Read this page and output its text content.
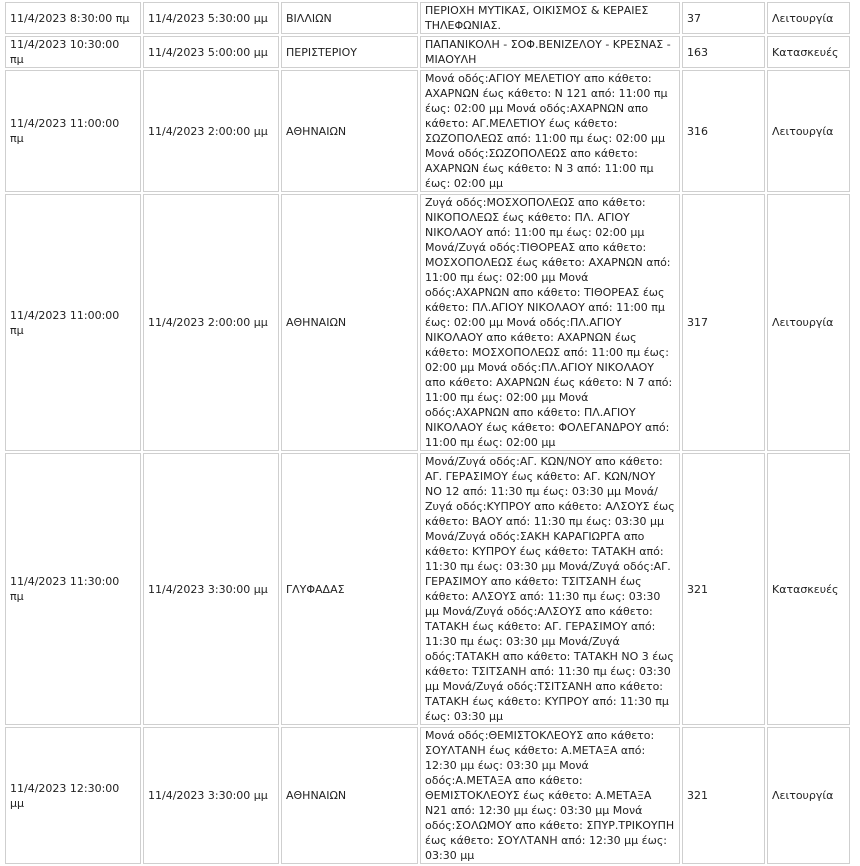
11/4/2023 8:30:00 πμ	11/4/2023 5:30:00 μμ	ΒΙΛΛΙΩΝ	ΠΕΡΙΟΧΗ ΜΥΤΙΚΑΣ, ΟΙΚΙΣΜΟΣ & ΚΕΡΑΙΕΣ ΤΗΛΕΦΩΝΙΑΣ.	37	Λειτουργία

11/4/2023 10:30:00 πμ	11/4/2023 5:00:00 μμ	ΠΕΡΙΣΤΕΡΙΟΥ	ΠΑΠΑΝΙΚΟΛΗ - ΣΟΦ.ΒΕΝΙΖΕΛΟΥ - ΚΡΕΣΝΑΣ - ΜΙΑΟΥΛΗ	163	Κατασκευές

11/4/2023 11:00:00 πμ	11/4/2023 2:00:00 μμ	ΑΘΗΝΑΙΩΝ	Μονά οδός:ΑΓΙΟΥ ΜΕΛΕΤΙΟΥ απο κάθετο: ΑΧΑΡΝΩΝ έως κάθετο: Ν 121 από: 11:00 πμ έως: 02:00 μμ Μονά οδός:ΑΧΑΡΝΩΝ απο κάθετο: ΑΓ.ΜΕΛΕΤΙΟΥ έως κάθετο: ΣΩΖΟΠΟΛΕΩΣ από: 11:00 πμ έως: 02:00 μμ Μονά οδός:ΣΩΖΟΠΟΛΕΩΣ απο κάθετο: ΑΧΑΡΝΩΝ έως κάθετο: Ν 3 από: 11:00 πμ έως: 02:00 μμ	316	Λειτουργία

11/4/2023 11:00:00 πμ	11/4/2023 2:00:00 μμ	ΑΘΗΝΑΙΩΝ	Ζυγά οδός:ΜΟΣΧΟΠΟΛΕΩΣ απο κάθετο: ΝΙΚΟΠΟΛΕΩΣ έως κάθετο: ΠΛ. ΑΓΙΟΥ ΝΙΚΟΛΑΟΥ από: 11:00 πμ έως: 02:00 μμ Μονά/Ζυγά οδός:ΤΙΘΟΡΕΑΣ απο κάθετο: ΜΟΣΧΟΠΟΛΕΩΣ έως κάθετο: ΑΧΑΡΝΩΝ από: 11:00 πμ έως: 02:00 μμ Μονά οδός:ΑΧΑΡΝΩΝ απο κάθετο: ΤΙΘΟΡΕΑΣ έως κάθετο: ΠΛ.ΑΓΙΟΥ ΝΙΚΟΛΑΟΥ από: 11:00 πμ έως: 02:00 μμ Μονά οδός:ΠΛ.ΑΓΙΟΥ ΝΙΚΟΛΑΟΥ απο κάθετο: ΑΧΑΡΝΩΝ έως κάθετο: ΜΟΣΧΟΠΟΛΕΩΣ από: 11:00 πμ έως: 02:00 μμ Μονά οδός:ΠΛ.ΑΓΙΟΥ ΝΙΚΟΛΑΟΥ απο κάθετο: ΑΧΑΡΝΩΝ έως κάθετο: Ν 7 από: 11:00 πμ έως: 02:00 μμ Μονά οδός:ΑΧΑΡΝΩΝ απο κάθετο: ΠΛ.ΑΓΙΟΥ ΝΙΚΟΛΑΟΥ έως κάθετο: ΦΟΛΕΓΑΝΔΡΟΥ από: 11:00 πμ έως: 02:00 μμ	317	Λειτουργία

11/4/2023 11:30:00 πμ	11/4/2023 3:30:00 μμ	ΓΛΥΦΑΔΑΣ	Μονά/Ζυγά οδός:ΑΓ. ΚΩΝ/ΝΟΥ απο κάθετο: ΑΓ. ΓΕΡΑΣΙΜΟΥ έως κάθετο: ΑΓ. ΚΩΝ/ΝΟΥ ΝΟ 12 από: 11:30 πμ έως: 03:30 μμ Μονά/Ζυγά οδός:ΚΥΠΡΟΥ απο κάθετο: ΑΛΣΟΥΣ έως κάθετο: ΒΑΟΥ από: 11:30 πμ έως: 03:30 μμ Μονά/Ζυγά οδός:ΣΑΚΗ ΚΑΡΑΓΙΩΡΓΑ απο κάθετο: ΚΥΠΡΟΥ έως κάθετο: ΤΑΤΑΚΗ από: 11:30 πμ έως: 03:30 μμ Μονά/Ζυγά οδός:ΑΓ. ΓΕΡΑΣΙΜΟΥ απο κάθετο: ΤΣΙΤΣΑΝΗ έως κάθετο: ΑΛΣΟΥΣ από: 11:30 πμ έως: 03:30 μμ Μονά/Ζυγά οδός:ΑΛΣΟΥΣ απο κάθετο: ΤΑΤΑΚΗ έως κάθετο: ΑΓ. ΓΕΡΑΣΙΜΟΥ από: 11:30 πμ έως: 03:30 μμ Μονά/Ζυγά οδός:ΤΑΤΑΚΗ απο κάθετο: ΤΑΤΑΚΗ ΝΟ 3 έως κάθετο: ΤΣΙΤΣΑΝΗ από: 11:30 πμ έως: 03:30 μμ Μονά/Ζυγά οδός:ΤΣΙΤΣΑΝΗ απο κάθετο: ΤΑΤΑΚΗ έως κάθετο: ΚΥΠΡΟΥ από: 11:30 πμ έως: 03:30 μμ	321	Κατασκευές

11/4/2023 12:30:00 μμ	11/4/2023 3:30:00 μμ	ΑΘΗΝΑΙΩΝ	Μονά οδός:ΘΕΜΙΣΤΟΚΛΕΟΥΣ απο κάθετο: ΣΟΥΛΤΑΝΗ έως κάθετο: Α.ΜΕΤΑΞΑ από: 12:30 μμ έως: 03:30 μμ Μονά οδός:Α.ΜΕΤΑΞΑ απο κάθετο: ΘΕΜΙΣΤΟΚΛΕΟΥΣ έως κάθετο: Α.ΜΕΤΑΞΑ Ν21 από: 12:30 μμ έως: 03:30 μμ Μονά οδός:ΣΟΛΩΜΟΥ απο κάθετο: ΣΠΥΡ.ΤΡΙΚΟΥΠΗ έως κάθετο: ΣΟΥΛΤΑΝΗ από: 12:30 μμ έως: 03:30 μμ	321	Λειτουργία
